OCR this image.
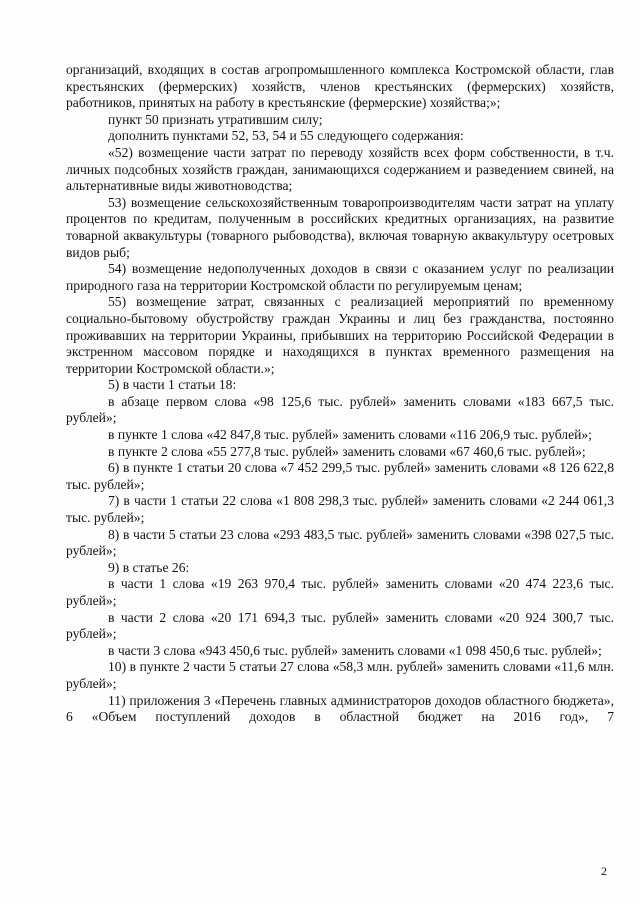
организаций, входящих в состав агропромышленного комплекса Костромской области, глав крестьянских (фермерских) хозяйств, членов крестьянских (фермерских) хозяйств, работников, принятых на работу в крестьянские (фермерские) хозяйства;»;

пункт 50 признать утратившим силу;

дополнить пунктами 52, 53, 54 и 55 следующего содержания:

«52) возмещение части затрат по переводу хозяйств всех форм собственности, в т.ч. личных подсобных хозяйств граждан, занимающихся содержанием и разведением свиней, на альтернативные виды животноводства;

53) возмещение сельскохозяйственным товаропроизводителям части затрат на уплату процентов по кредитам, полученным в российских кредитных организациях, на развитие товарной аквакультуры (товарного рыбоводства), включая товарную аквакультуру осетровых видов рыб;

54) возмещение недополученных доходов в связи с оказанием услуг по реализации природного газа на территории Костромской области по регулируемым ценам;

55) возмещение затрат, связанных с реализацией мероприятий по временному социально-бытовому обустройству граждан Украины и лиц без гражданства, постоянно проживавших на территории Украины, прибывших на территорию Российской Федерации в экстренном массовом порядке и находящихся в пунктах временного размещения на территории Костромской области.»;

5) в части 1 статьи 18:

в абзаце первом слова «98 125,6 тыс. рублей» заменить словами «183 667,5 тыс. рублей»;

в пункте 1 слова «42 847,8 тыс. рублей» заменить словами «116 206,9 тыс. рублей»;

в пункте 2 слова «55 277,8 тыс. рублей» заменить словами «67 460,6 тыс. рублей»;

6) в пункте 1 статьи 20 слова «7 452 299,5 тыс. рублей» заменить словами «8 126 622,8 тыс. рублей»;

7) в части 1 статьи 22 слова «1 808 298,3 тыс. рублей» заменить словами «2 244 061,3 тыс. рублей»;

8) в части 5 статьи 23 слова «293 483,5 тыс. рублей» заменить словами «398 027,5 тыс. рублей»;

9) в статье 26:

в части 1 слова «19 263 970,4 тыс. рублей» заменить словами «20 474 223,6 тыс. рублей»;

в части 2 слова «20 171 694,3 тыс. рублей» заменить словами «20 924 300,7 тыс. рублей»;

в части 3 слова «943 450,6 тыс. рублей» заменить словами «1 098 450,6 тыс. рублей»;

10) в пункте 2 части 5 статьи 27 слова «58,3 млн. рублей» заменить словами «11,6 млн. рублей»;

11) приложения 3 «Перечень главных администраторов доходов областного бюджета», 6 «Объем поступлений доходов в областной бюджет на 2016 год», 7

2
